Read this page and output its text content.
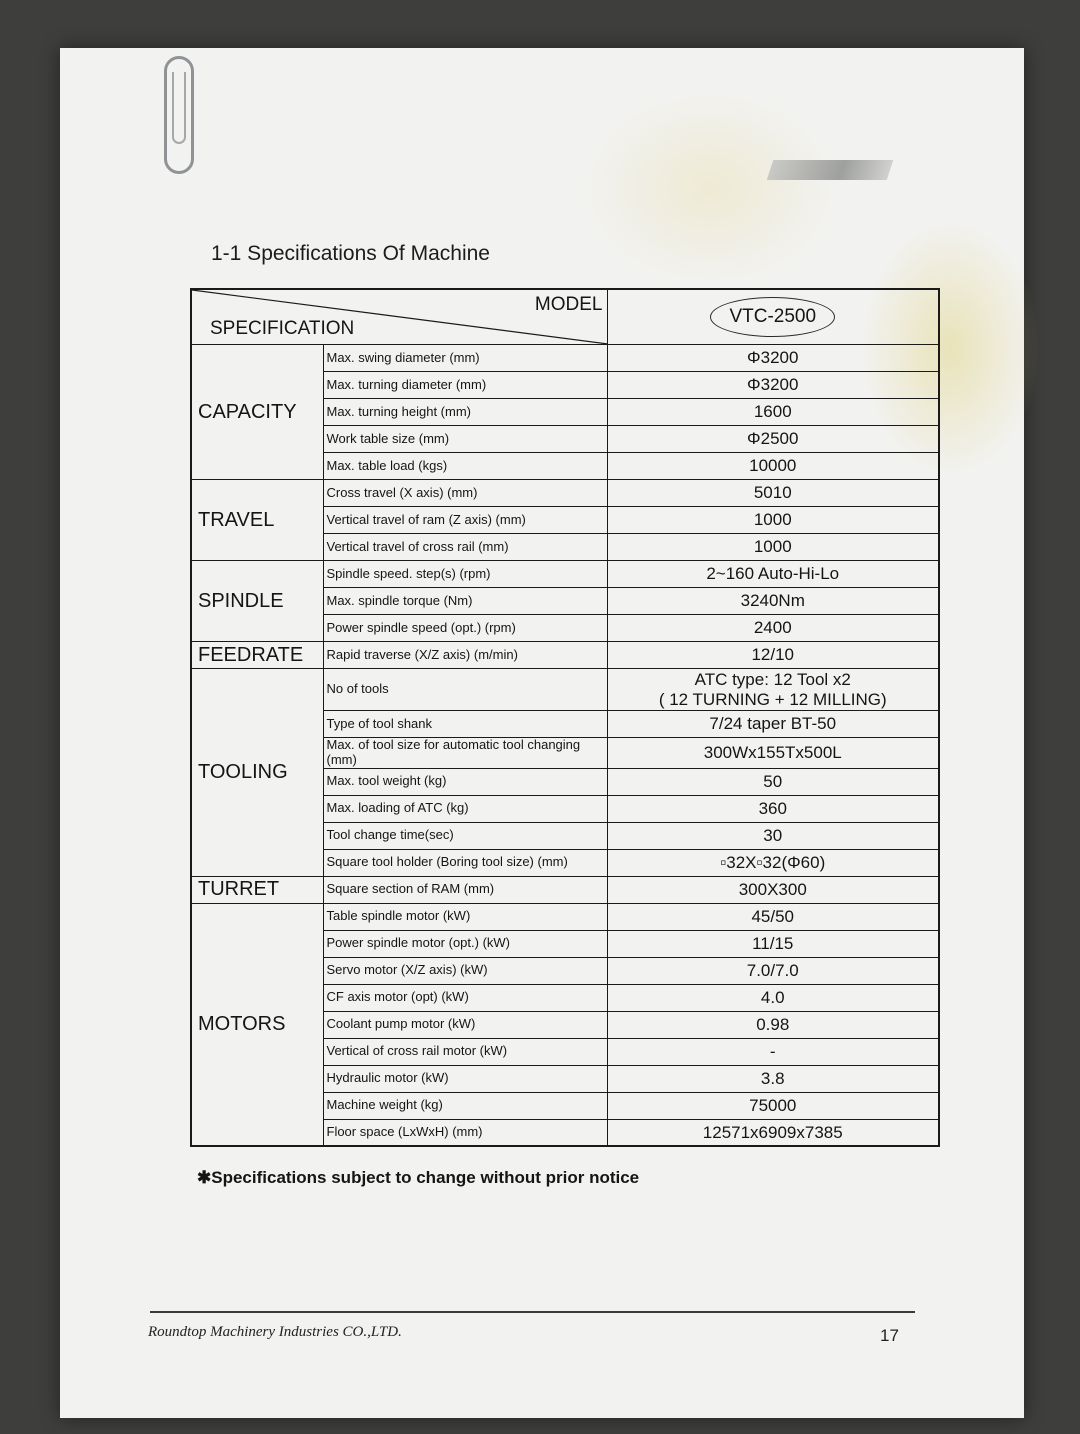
1-1 Specifications Of Machine
MODEL
SPECIFICATION		VTC-2500
CAPACITY	Max. swing diameter (mm)	Φ3200

	Max. turning diameter (mm)	Φ3200

	Max. turning height (mm)	1600

	Work table size (mm)	Φ2500

	Max. table load (kgs)	10000

TRAVEL	Cross travel (X axis) (mm)	5010

	Vertical travel of ram (Z axis) (mm)	1000

	Vertical travel of cross rail (mm)	1000

SPINDLE	Spindle speed. step(s) (rpm)	2~160 Auto-Hi-Lo

	Max. spindle torque (Nm)	3240Nm

	Power spindle speed (opt.) (rpm)	2400

FEEDRATE	Rapid traverse (X/Z axis) (m/min)	12/10

TOOLING	No of tools	ATC type: 12 Tool x2
( 12 TURNING + 12 MILLING)

	Type of tool shank	7/24 taper BT-50

	Max. of tool size for automatic tool changing (mm)	300Wx155Tx500L

	Max. tool weight (kg)	50

	Max. loading of ATC (kg)	360

	Tool change time(sec)	30

	Square tool holder (Boring tool size) (mm)	▫32X▫32(Φ60)

TURRET	Square section of RAM (mm)	300X300

MOTORS	Table spindle motor (kW)	45/50

	Power spindle motor (opt.) (kW)	11/15

	Servo motor (X/Z axis) (kW)	7.0/7.0

	CF axis motor (opt) (kW)	4.0

	Coolant pump motor (kW)	0.98

	Vertical of cross rail motor (kW)	-

	Hydraulic motor (kW)	3.8

	Machine weight (kg)	75000

	Floor space (LxWxH) (mm)	12571x6909x7385
✱Specifications subject to change without prior notice
Roundtop Machinery Industries CO.,LTD.	17
